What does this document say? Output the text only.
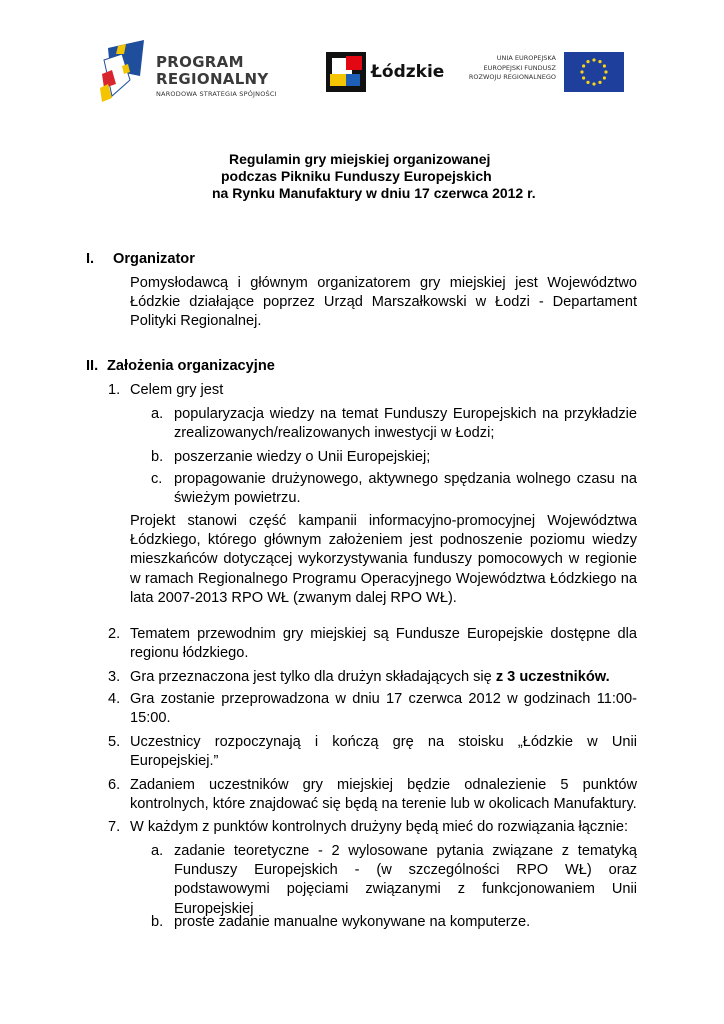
PROGRAM
REGIONALNY
NARODOWA STRATEGIA SPÓJNOŚCI
Łódzkie
UNIA EUROPEJSKA
EUROPEJSKI FUNDUSZ
ROZWOJU REGIONALNEGO
Regulamin gry miejskiej organizowanej
podczas Pikniku Funduszy Europejskich
na Rynku Manufaktury w dniu 17 czerwca 2012 r.
I. Organizator
Pomysłodawcą i głównym organizatorem gry miejskiej jest Województwo Łódzkie działające poprzez Urząd Marszałkowski w Łodzi - Departament Polityki Regionalnej.
II. Założenia organizacyjne
1. Celem gry jest
a. popularyzacja wiedzy na temat Funduszy Europejskich na przykładzie zrealizowanych/realizowanych inwestycji w Łodzi;
b. poszerzanie wiedzy o Unii Europejskiej;
c. propagowanie drużynowego, aktywnego spędzania wolnego czasu na świeżym powietrzu.
Projekt stanowi część kampanii informacyjno-promocyjnej Województwa Łódzkiego, którego głównym założeniem jest podnoszenie poziomu wiedzy mieszkańców dotyczącej wykorzystywania funduszy pomocowych w regionie w ramach Regionalnego Programu Operacyjnego Województwa Łódzkiego na lata 2007-2013 RPO WŁ (zwanym dalej RPO WŁ).
2. Tematem przewodnim gry miejskiej są Fundusze Europejskie dostępne dla regionu łódzkiego.
3. Gra przeznaczona jest tylko dla drużyn składających się z 3 uczestników.
4. Gra zostanie przeprowadzona w dniu 17 czerwca 2012 w godzinach 11:00-15:00.
5. Uczestnicy rozpoczynają i kończą grę na stoisku „Łódzkie w Unii Europejskiej.”
6. Zadaniem uczestników gry miejskiej będzie odnalezienie 5 punktów kontrolnych, które znajdować się będą na terenie lub w okolicach Manufaktury.
7. W każdym z punktów kontrolnych drużyny będą mieć do rozwiązania łącznie:
a. zadanie teoretyczne - 2 wylosowane pytania związane z tematyką Funduszy Europejskich - (w szczególności RPO WŁ) oraz podstawowymi pojęciami związanymi z funkcjonowaniem Unii Europejskiej
b. proste zadanie manualne wykonywane na komputerze.
